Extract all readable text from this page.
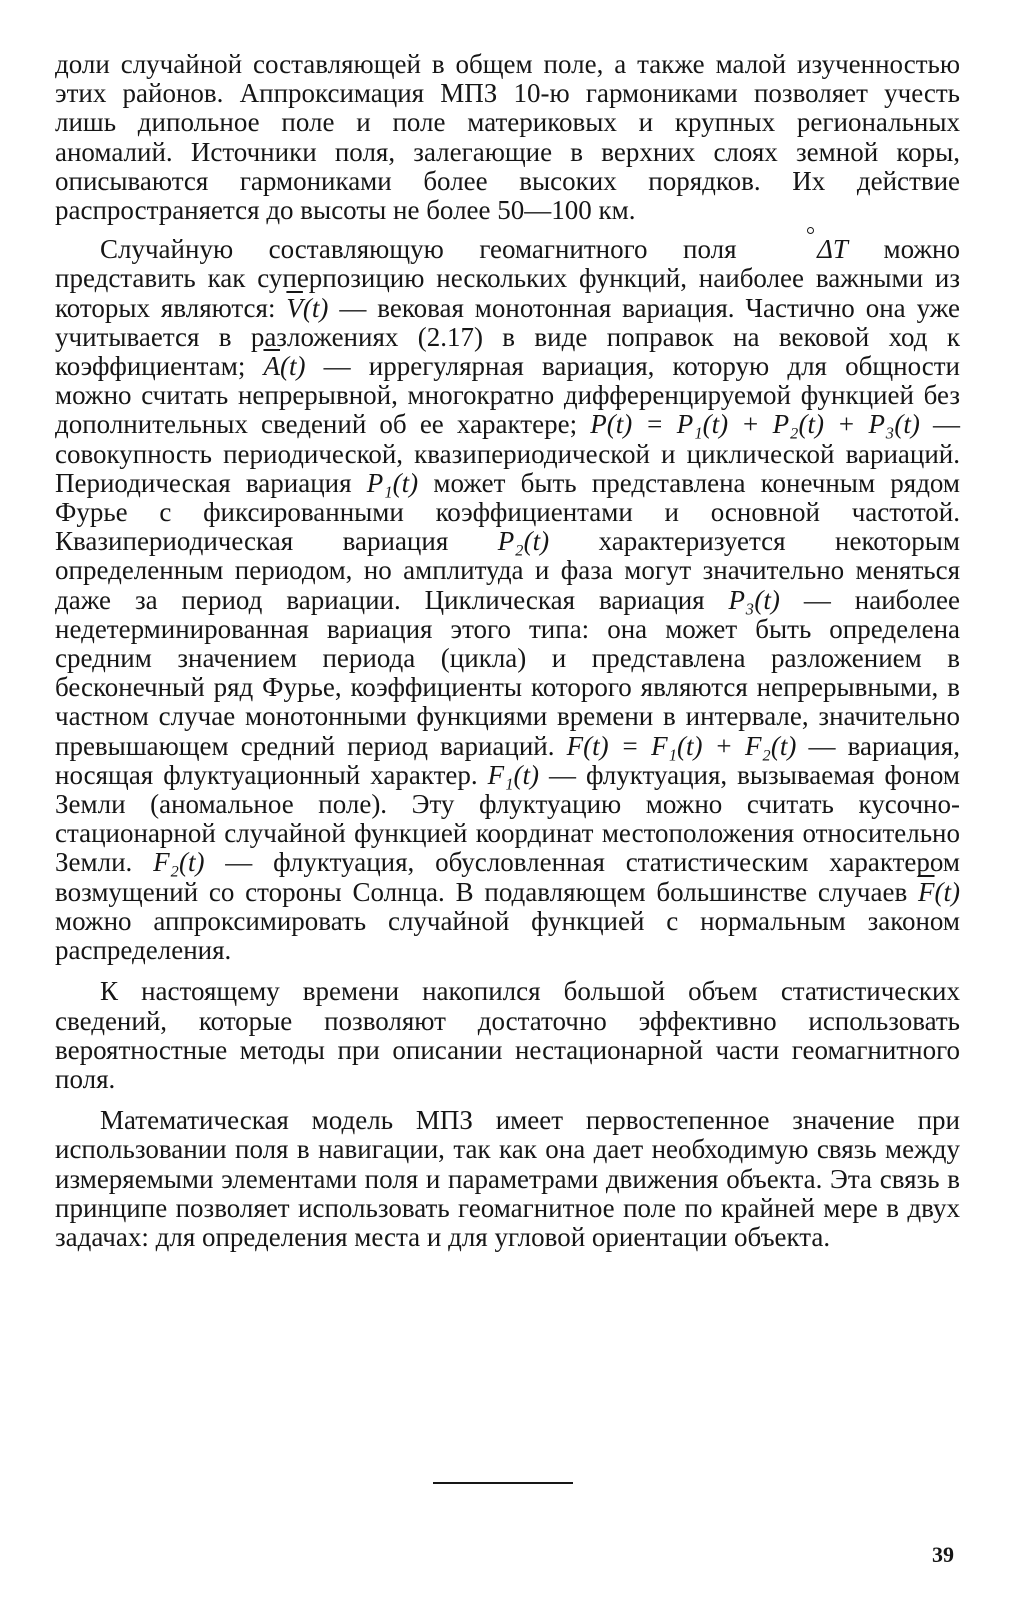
доли случайной составляющей в общем поле, а также малой изученностью этих районов. Аппроксимация МПЗ 10-ю гармониками позволяет учесть лишь дипольное поле и поле материковых и крупных региональных аномалий. Источники поля, залегающие в верхних слоях земной коры, описываются гармониками более высоких порядков. Их действие распространяется до высоты не более 50—100 км.

Случайную составляющую геомагнитного поля ΔT можно представить как суперпозицию нескольких функций, наиболее важными из которых являются: $\overline{V}(t)$ — вековая монотонная вариация. Частично она уже учитывается в разложениях (2.17) в виде поправок на вековой ход к коэффициентам; $\overline{A}(t)$ — иррегулярная вариация, которую для общности можно считать непрерывной, многократно дифференцируемой функцией без дополнительных сведений об ее характере; P(t) = P₁(t) + P₂(t) + P₃(t) — совокупность периодической, квазипериодической и циклической вариаций. Периодическая вариация P₁(t) может быть представлена конечным рядом Фурье с фиксированными коэффициентами и основной частотой. Квазипериодическая вариация P₂(t) характеризуется некоторым определенным периодом, но амплитуда и фаза могут значительно меняться даже за период вариации. Циклическая вариация P₃(t) — наиболее недетерминированная вариация этого типа: она может быть определена средним значением периода (цикла) и представлена разложением в бесконечный ряд Фурье, коэффициенты которого являются непрерывными, в частном случае монотонными функциями времени в интервале, значительно превышающем средний период вариаций. F(t) = F₁(t) + F₂(t) — вариация, носящая флуктуационный характер. F₁(t) — флуктуация, вызываемая фоном Земли (аномальное поле). Эту флуктуацию можно считать кусочно-стационарной случайной функцией координат местоположения относительно Земли. F₂(t) — флуктуация, обусловленная статистическим характером возмущений со стороны Солнца. В подавляющем большинстве случаев $\overline{F}(t)$ можно аппроксимировать случайной функцией с нормальным законом распределения.

К настоящему времени накопился большой объем статистических сведений, которые позволяют достаточно эффективно использовать вероятностные методы при описании нестационарной части геомагнитного поля.

Математическая модель МПЗ имеет первостепенное значение при использовании поля в навигации, так как она дает необходимую связь между измеряемыми элементами поля и параметрами движения объекта. Эта связь в принципе позволяет использовать геомагнитное поле по крайней мере в двух задачах: для определения места и для угловой ориентации объекта.

39
